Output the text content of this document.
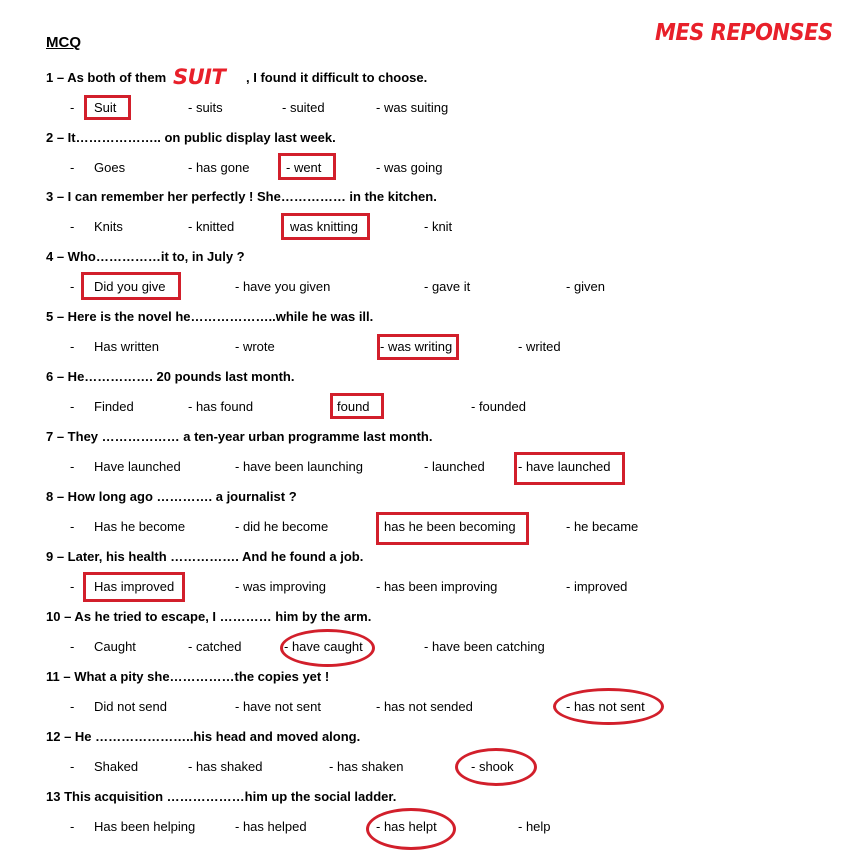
MCQ	MES REPONSES
1 – As both of them SUIT , I found it difficult to choose.
- Suit	- suits	- suited	- was suiting
2 – It……………….. on public display last week.
- Goes	- has gone	- went	- was going
3 – I can remember her perfectly ! She…………… in the kitchen.
- Knits	- knitted	was knitting	- knit
4 – Who……………it to, in July ?
- Did you give	- have you given	- gave it	- given
5 – Here is the novel he………………..while he was ill.
- Has written	- wrote	- was writing	- writed
6 – He……………. 20 pounds last month.
- Finded	- has found	found	- founded
7 – They ……………… a ten-year urban programme last month.
- Have launched	- have been launching	- launched	- have launched
8 – How long ago …………. a journalist ?
- Has he become	- did he become	has he been becoming	- he became
9 – Later, his health ……………. And he found a job.
- Has improved	- was improving	- has been improving	- improved
10 – As he tried to escape, I ………… him by the arm.
- Caught	- catched	- have caught	- have been catching
11 – What a pity she……………the copies yet !
- Did not send	- have not sent	- has not sended	- has not sent
12 – He …………………..his head and moved along.
- Shaked	- has shaked	- has shaken	- shook
13 This acquisition ………………him up the social ladder.
- Has been helping	- has helped	- has helpt	- help
